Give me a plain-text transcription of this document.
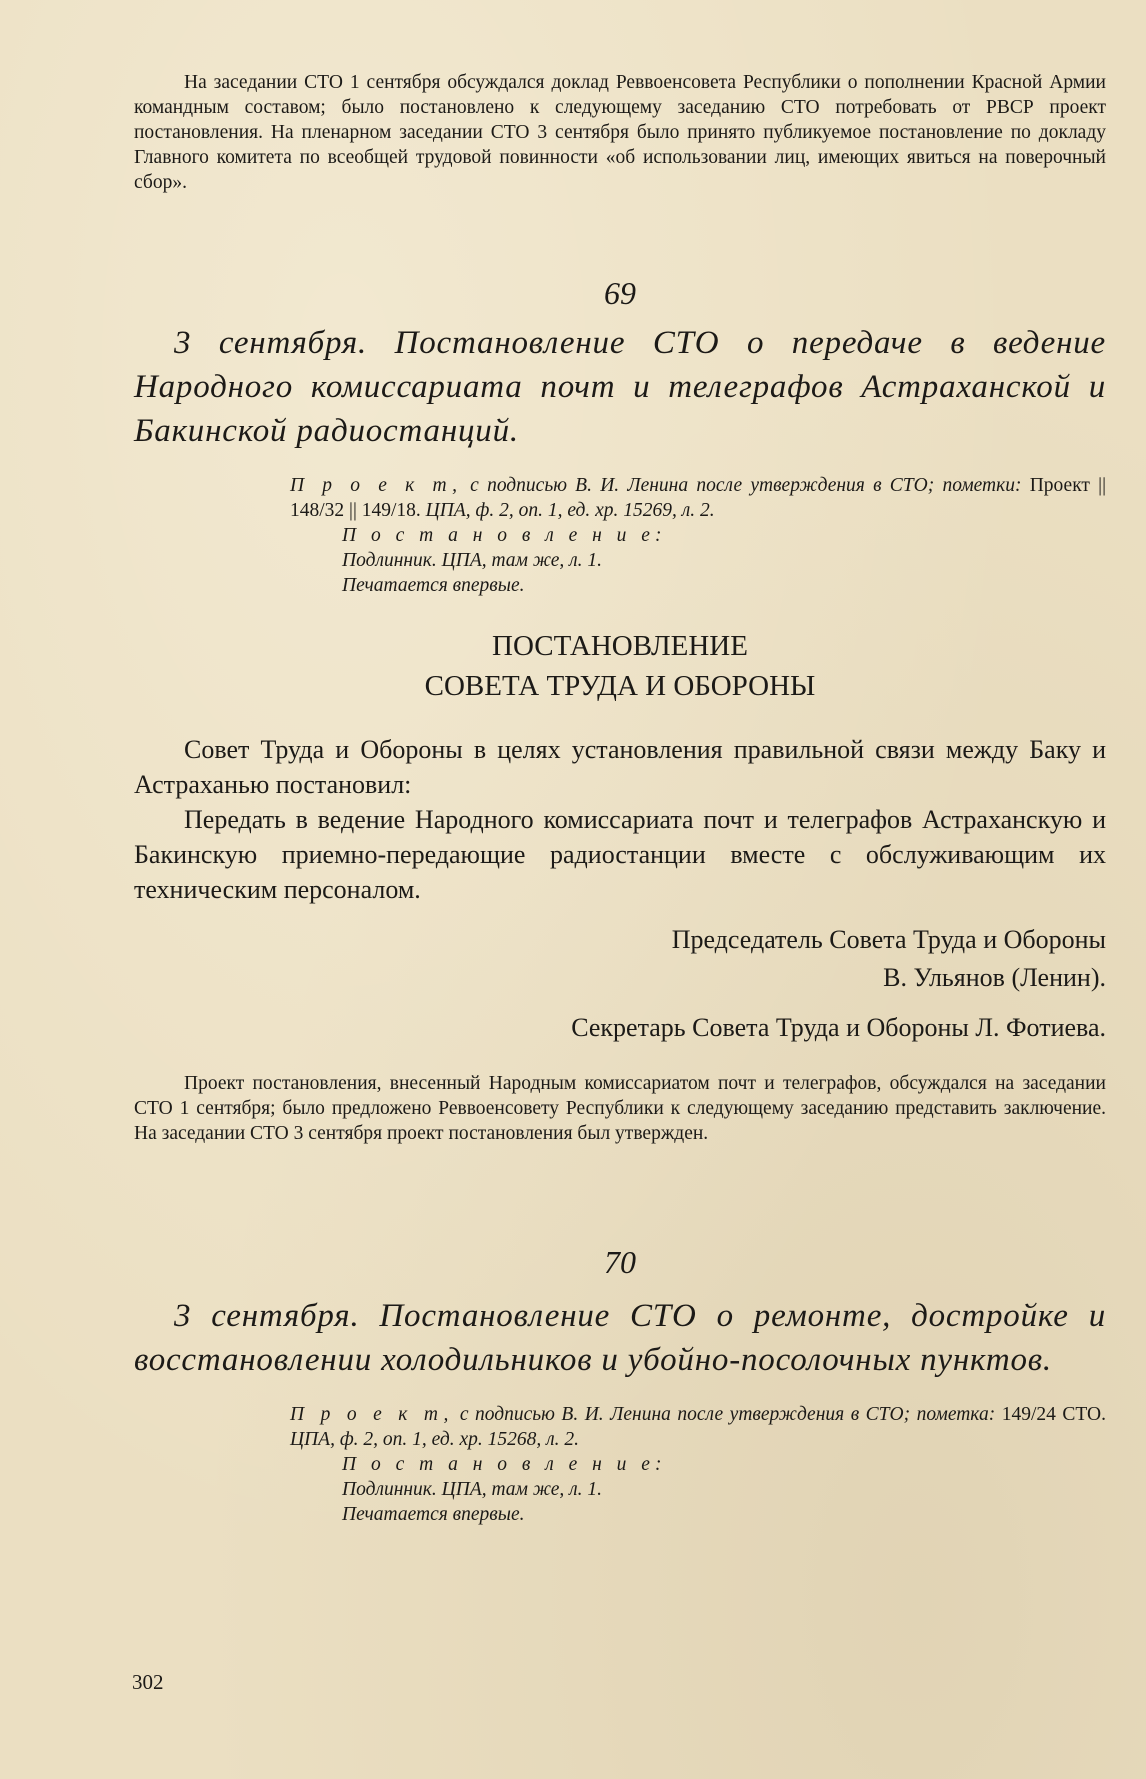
На заседании СТО 1 сентября обсуждался доклад Реввоенсовета Республики о пополнении Красной Армии командным составом; было постановлено к следующему заседанию СТО потребовать от РВСР проект постановления. На пленарном заседании СТО 3 сентября было принято публикуемое постановление по докладу Главного комитета по всеобщей трудовой повинности «об использовании лиц, имеющих явиться на поверочный сбор».

69

3 сентября. Постановление СТО о передаче в ведение Народного комиссариата почт и телеграфов Астраханской и Бакинской радиостанций.

П р о е к т, с подписью В. И. Ленина после утверждения в СТО; пометки: Проект || 148/32 || 149/18. ЦПА, ф. 2, оп. 1, ед. хр. 15269, л. 2.

П о с т а н о в л е н и е:

Подлинник. ЦПА, там же, л. 1.

Печатается впервые.

ПОСТАНОВЛЕНИЕ

СОВЕТА ТРУДА И ОБОРОНЫ

Совет Труда и Обороны в целях установления правильной связи между Баку и Астраханью постановил:

Передать в ведение Народного комиссариата почт и телеграфов Астраханскую и Бакинскую приемно-передающие радиостанции вместе с обслуживающим их техническим персоналом.

Председатель Совета Труда и Обороны

В. Ульянов (Ленин).

Секретарь Совета Труда и Обороны Л. Фотиева.

Проект постановления, внесенный Народным комиссариатом почт и телеграфов, обсуждался на заседании СТО 1 сентября; было предложено Реввоенсовету Республики к следующему заседанию представить заключение. На заседании СТО 3 сентября проект постановления был утвержден.

70

3 сентября. Постановление СТО о ремонте, достройке и восстановлении холодильников и убойно-посолочных пунктов.

П р о е к т, с подписью В. И. Ленина после утверждения в СТО; пометка: 149/24 СТО. ЦПА, ф. 2, оп. 1, ед. хр. 15268, л. 2.

П о с т а н о в л е н и е:

Подлинник. ЦПА, там же, л. 1.

Печатается впервые.

302
